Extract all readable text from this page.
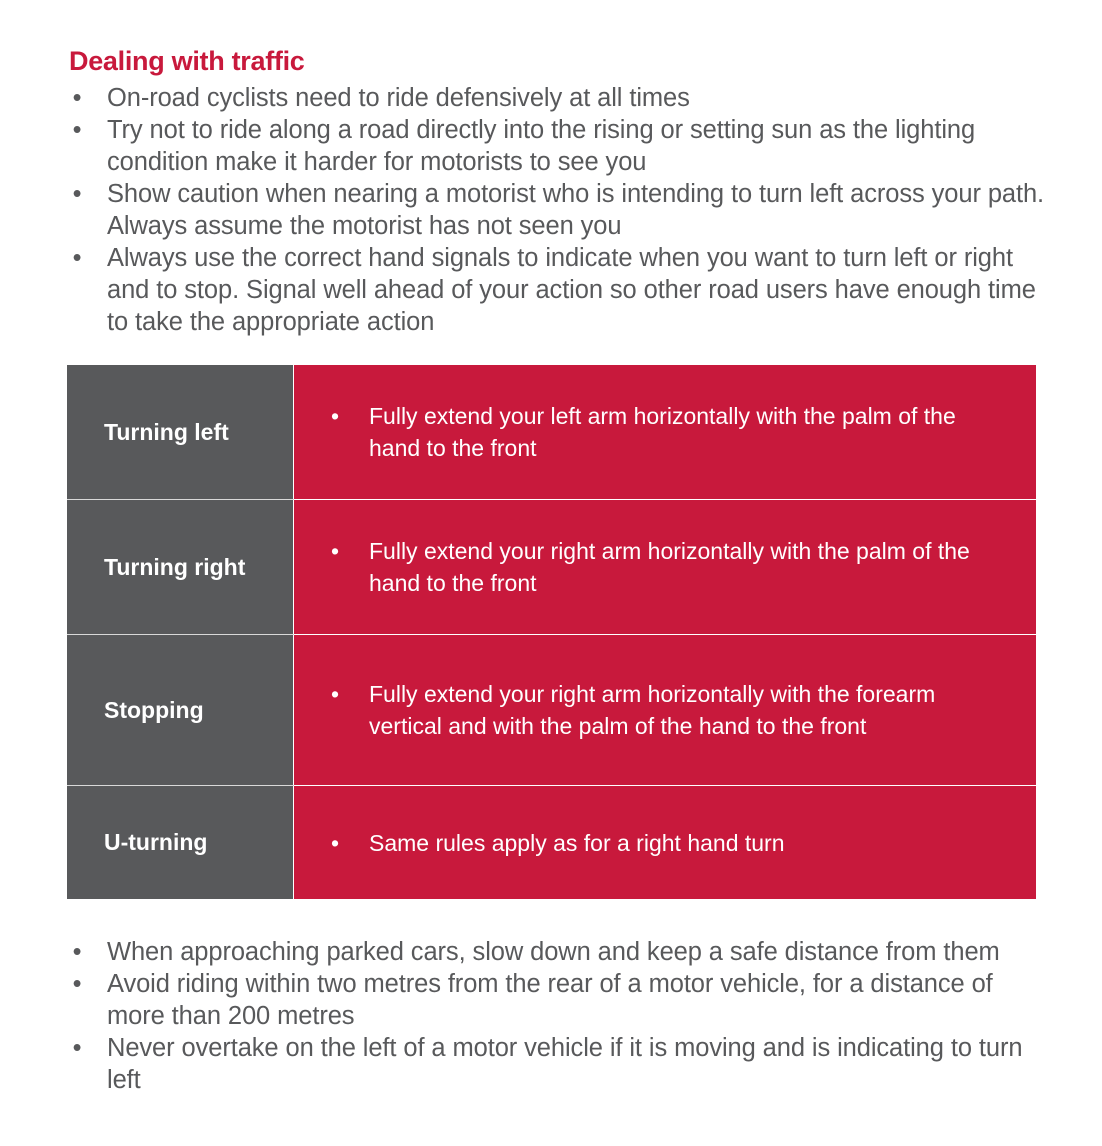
Dealing with traffic
• On-road cyclists need to ride defensively at all times
• Try not to ride along a road directly into the rising or setting sun as the lighting condition make it harder for motorists to see you
• Show caution when nearing a motorist who is intending to turn left across your path. Always assume the motorist has not seen you
• Always use the correct hand signals to indicate when you want to turn left or right and to stop. Signal well ahead of your action so other road users have enough time to take the appropriate action
Turning left	• Fully extend your left arm horizontally with the palm of the hand to the front

Turning right	• Fully extend your right arm horizontally with the palm of the hand to the front

Stopping	• Fully extend your right arm horizontally with the forearm vertical and with the palm of the hand to the front

U-turning	• Same rules apply as for a right hand turn
• When approaching parked cars, slow down and keep a safe distance from them
• Avoid riding within two metres from the rear of a motor vehicle, for a distance of more than 200 metres
• Never overtake on the left of a motor vehicle if it is moving and is indicating to turn left
